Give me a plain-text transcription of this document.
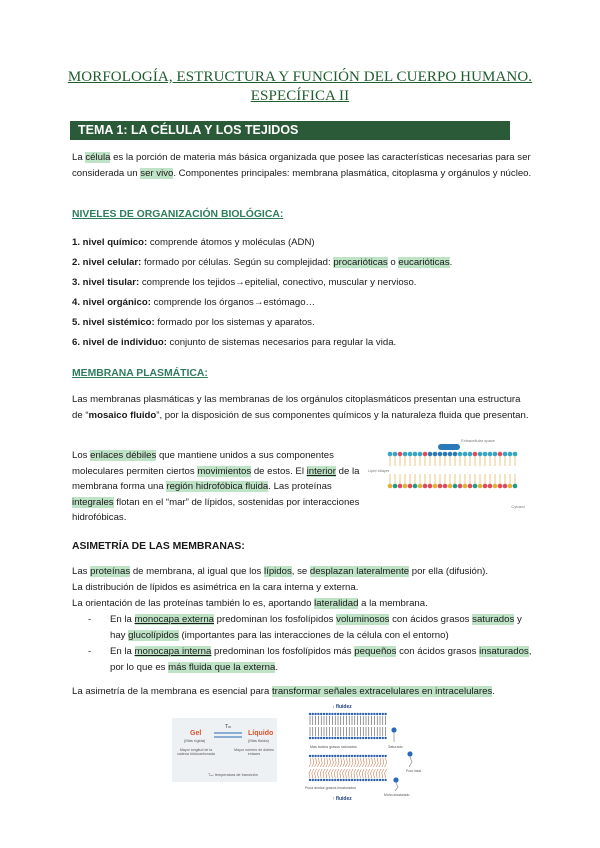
MORFOLOGÍA, ESTRUCTURA Y FUNCIÓN DEL CUERPO HUMANO.
ESPECÍFICA II
TEMA 1: LA CÉLULA Y LOS TEJIDOS
La célula es la porción de materia más básica organizada que posee las características necesarias para ser considerada un ser vivo. Componentes principales: membrana plasmática, citoplasma y orgánulos y núcleo.
NIVELES DE ORGANIZACIÓN BIOLÓGICA:
1. nivel químico: comprende átomos y moléculas (ADN)
2. nivel celular: formado por células. Según su complejidad: procarióticas o eucarióticas.
3. nivel tisular: comprende los tejidos→epitelial, conectivo, muscular y nervioso.
4. nivel orgánico: comprende los órganos→estómago…
5. nivel sistémico: formado por los sistemas y aparatos.
6. nivel de individuo: conjunto de sistemas necesarios para regular la vida.
MEMBRANA PLASMÁTICA:
Las membranas plasmáticas y las membranas de los orgánulos citoplasmáticos presentan una estructura de “mosaico fluido”, por la disposición de sus componentes químicos y la naturaleza fluida que presentan.
Los enlaces débiles que mantiene unidos a sus componentes moleculares permiten ciertos movimientos de estos. El interior de la membrana forma una región hidrofóbica fluida. Las proteínas integrales flotan en el “mar” de lípidos, sostenidas por interacciones hidrofóbicas.
Extracellular space
Lipid bilayer
Cytosol
ASIMETRÍA DE LAS MEMBRANAS:
Las proteínas de membrana, al igual que los lípidos, se desplazan lateralmente por ella (difusión).
La distribución de lípidos es asimétrica en la cara interna y externa.
La orientación de las proteínas también lo es, aportando lateralidad a la membrana.
- En la monocapa externa predominan los fosfolípidos voluminosos con ácidos grasos saturados y hay glucolípidos (importantes para las interacciones de la célula con el entorno)
- En la monocapa interna predominan los fosfolípidos más pequeños con ácidos grasos insaturados, por lo que es más fluida que la externa.
La asimetría de la membrana es esencial para transformar señales extracelulares en intracelulares.
Gel
(Más rígida)
Tₘ
Líquido
(Más fluida)
Mayor longitud de la cadena hidrocarbonada
Mayor número de dobles enlaces
Tₘ: temperatura de transición
↓ fluidez
Más ácidos grasos saturados
Poca ácidos grasos insaturados
↑ fluidez
Saturado
Poco insat.
Mono-insaturado
